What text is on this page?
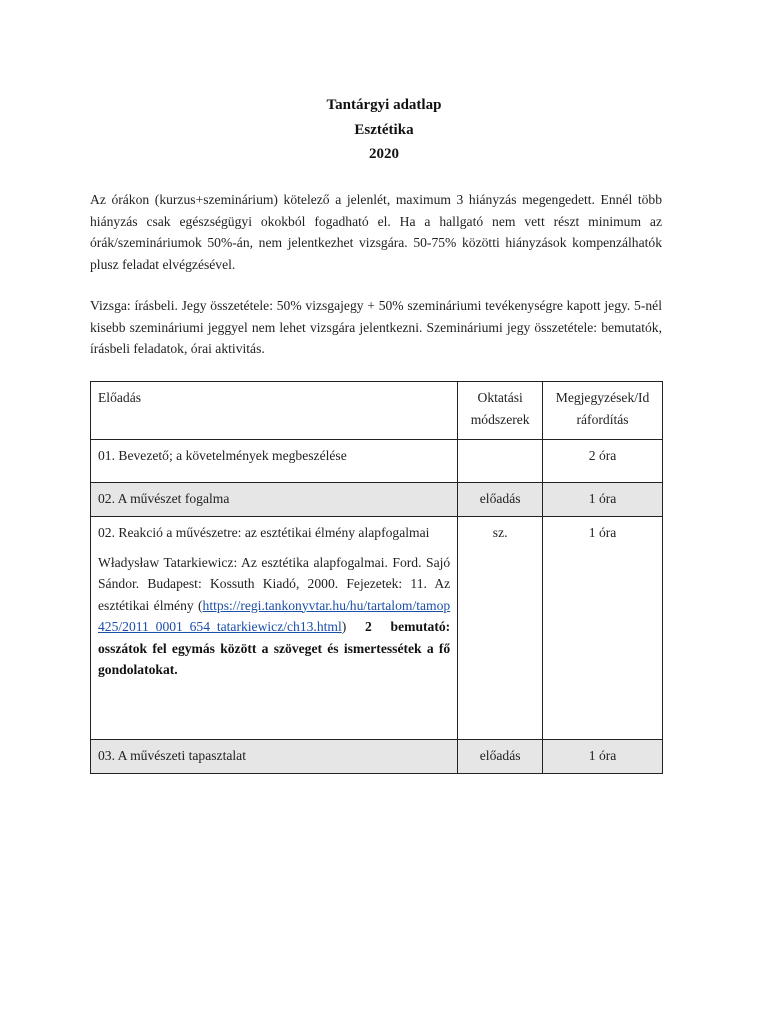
Tantárgyi adatlap
Esztétika
2020
Az órákon (kurzus+szeminárium) kötelező a jelenlét, maximum 3 hiányzás megengedett. Ennél több hiányzás csak egészségügyi okokból fogadható el. Ha a hallgató nem vett részt minimum az órák/szemináriumok 50%-án, nem jelentkezhet vizsgára. 50-75% közötti hiányzások kompenzálhatók plusz feladat elvégzésével.
Vizsga: írásbeli. Jegy összetétele: 50% vizsgajegy + 50% szemináriumi tevékenységre kapott jegy. 5-nél kisebb szemináriumi jeggyel nem lehet vizsgára jelentkezni. Szemináriumi jegy összetétele: bemutatók, írásbeli feladatok, órai aktivitás.
Előadás	Oktatási módszerek	Megjegyzések/Id ráfordítás
01. Bevezető; a követelmények megbeszélése		2 óra
02. A művészet fogalma	előadás	1 óra

02. Reakció a művészetre: az esztétikai élmény alapfogalmai
Władysław Tatarkiewicz: Az esztétika alapfogalmai. Ford. Sajó Sándor. Budapest: Kossuth Kiadó, 2000. Fejezetek: 11. Az esztétikai élmény (https://regi.tankonyvtar.hu/hu/tartalom/tamop425/2011_0001_654_tatarkiewicz/ch13.html) 2 bemutató: osszátok fel egymás között a szöveget és ismertessétek a fő gondolatokat.	sz.	1 óra
03. A művészeti tapasztalat	előadás	1 óra
